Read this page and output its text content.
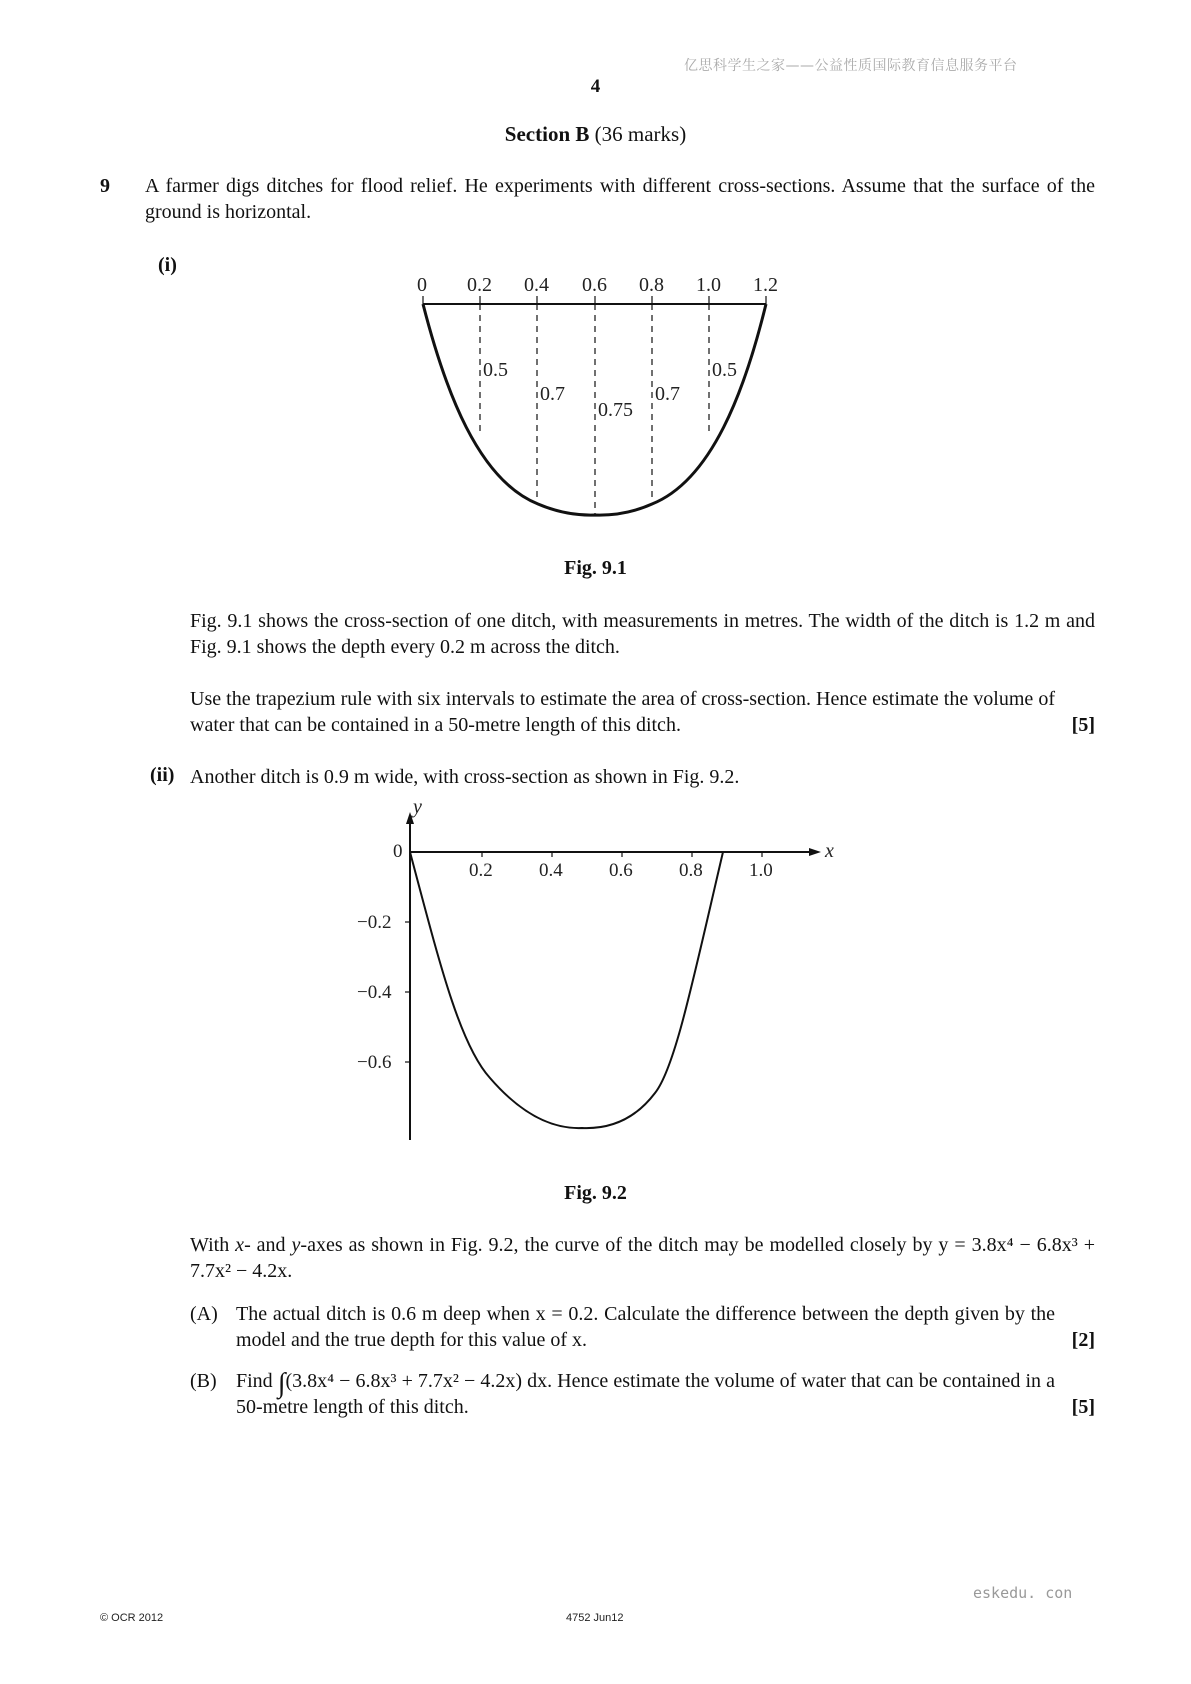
亿思科学生之家——公益性质国际教育信息服务平台
4
Section B (36 marks)
9 A farmer digs ditches for flood relief. He experiments with different cross-sections. Assume that the surface of the ground is horizontal.
(i)
0 0.2 0.4 0.6 0.8 1.0 1.2
0.5
0.7
0.75
0.7
0.5
Fig. 9.1
Fig. 9.1 shows the cross-section of one ditch, with measurements in metres. The width of the ditch is 1.2 m and Fig. 9.1 shows the depth every 0.2 m across the ditch.
Use the trapezium rule with six intervals to estimate the area of cross-section. Hence estimate the volume of water that can be contained in a 50-metre length of this ditch.	[5]
(ii) Another ditch is 0.9 m wide, with cross-section as shown in Fig. 9.2.
y
x
0
0.2 0.4 0.6 0.8 1.0
−0.2
−0.4
−0.6
Fig. 9.2
With x- and y-axes as shown in Fig. 9.2, the curve of the ditch may be modelled closely by y = 3.8x⁴ − 6.8x³ + 7.7x² − 4.2x.
(A) The actual ditch is 0.6 m deep when x = 0.2. Calculate the difference between the depth given by the model and the true depth for this value of x.	[2]
(B) Find ∫(3.8x⁴ − 6.8x³ + 7.7x² − 4.2x) dx. Hence estimate the volume of water that can be contained in a 50-metre length of this ditch.	[5]
eskedu. con
© OCR 2012	4752 Jun12
